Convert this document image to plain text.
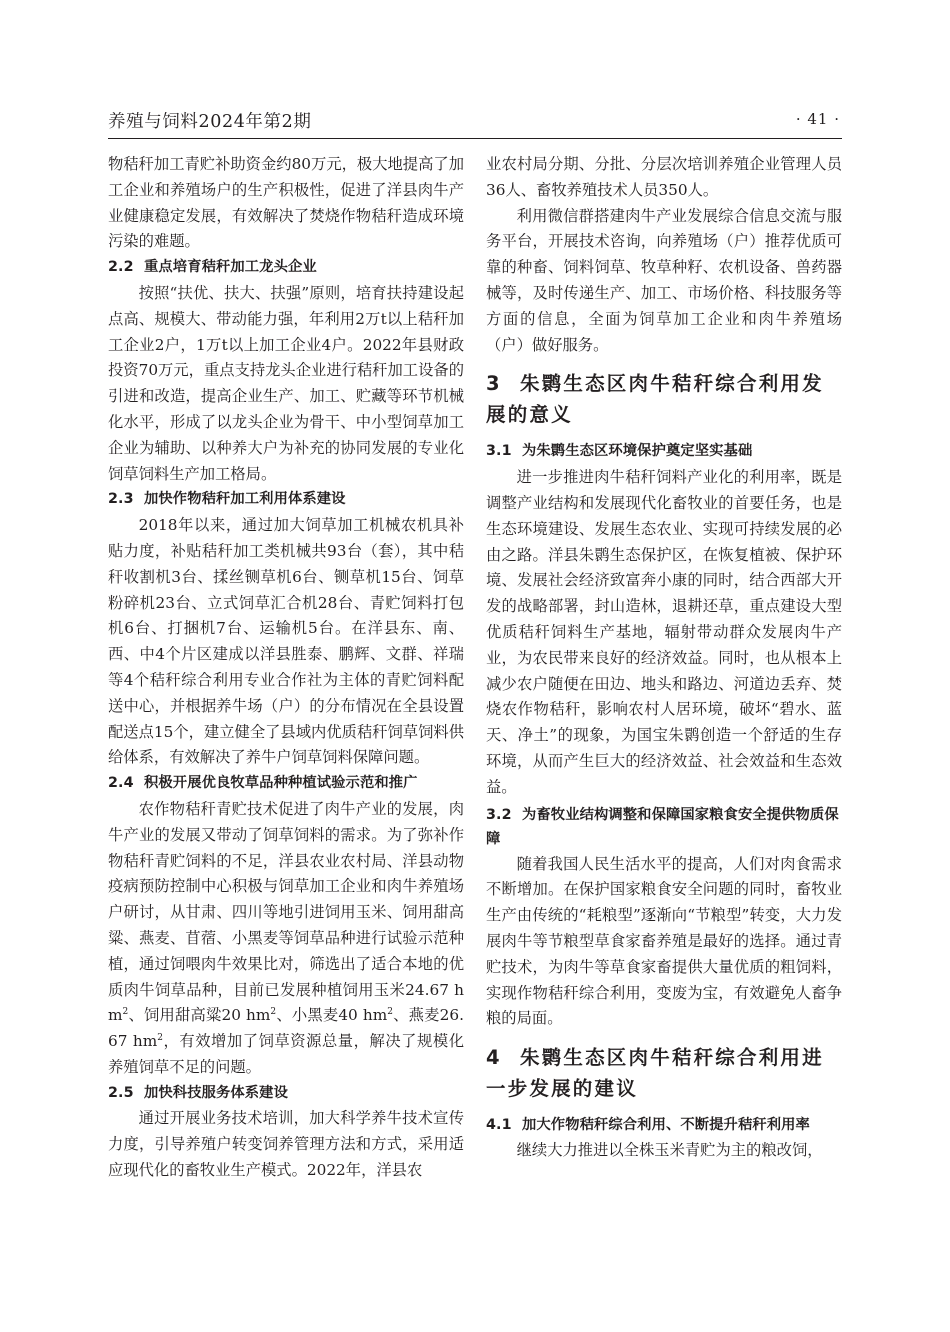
养殖与饲料2024年第2期	· 41 ·

物秸秆加工青贮补助资金约80万元，极大地提高了加工企业和养殖场户的生产积极性，促进了洋县肉牛产业健康稳定发展，有效解决了焚烧作物秸秆造成环境污染的难题。

2.2 重点培育秸秆加工龙头企业

按照“扶优、扶大、扶强”原则，培育扶持建设起点高、规模大、带动能力强，年利用2万t以上秸秆加工企业2户，1万t以上加工企业4户。2022年县财政投资70万元，重点支持龙头企业进行秸秆加工设备的引进和改造，提高企业生产、加工、贮藏等环节机械化水平，形成了以龙头企业为骨干、中小型饲草加工企业为辅助、以种养大户为补充的协同发展的专业化饲草饲料生产加工格局。

2.3 加快作物秸秆加工利用体系建设

2018年以来，通过加大饲草加工机械农机具补贴力度，补贴秸秆加工类机械共93台（套），其中秸秆收割机3台、揉丝铡草机6台、铡草机15台、饲草粉碎机23台、立式饲草汇合机28台、青贮饲料打包机6台、打捆机7台、运输机5台。在洋县东、南、西、中4个片区建成以洋县胜泰、鹏辉、文群、祥瑞等4个秸秆综合利用专业合作社为主体的青贮饲料配送中心，并根据养牛场（户）的分布情况在全县设置配送点15个，建立健全了县域内优质秸秆饲草饲料供给体系，有效解决了养牛户饲草饲料保障问题。

2.4 积极开展优良牧草品种种植试验示范和推广

农作物秸秆青贮技术促进了肉牛产业的发展，肉牛产业的发展又带动了饲草饲料的需求。为了弥补作物秸秆青贮饲料的不足，洋县农业农村局、洋县动物疫病预防控制中心积极与饲草加工企业和肉牛养殖场户研讨，从甘肃、四川等地引进饲用玉米、饲用甜高粱、燕麦、苜蓿、小黑麦等饲草品种进行试验示范种植，通过饲喂肉牛效果比对，筛选出了适合本地的优质肉牛饲草品种，目前已发展种植饲用玉米24.67 $hm^2$、饲用甜高粱20 $hm^2$、小黑麦40 $hm^2$、燕麦26.67 $hm^2$，有效增加了饲草资源总量，解决了规模化养殖饲草不足的问题。

2.5 加快科技服务体系建设

通过开展业务技术培训，加大科学养牛技术宣传力度，引导养殖户转变饲养管理方法和方式，采用适应现代化的畜牧业生产模式。2022年，洋县农

业农村局分期、分批、分层次培训养殖企业管理人员36人、畜牧养殖技术人员350人。

利用微信群搭建肉牛产业发展综合信息交流与服务平台，开展技术咨询，向养殖场（户）推荐优质可靠的种畜、饲料饲草、牧草种籽、农机设备、兽药器械等，及时传递生产、加工、市场价格、科技服务等方面的信息，全面为饲草加工企业和肉牛养殖场（户）做好服务。

3 朱鹮生态区肉牛秸秆综合利用发展的意义
3.1 为朱鹮生态区环境保护奠定坚实基础

进一步推进肉牛秸秆饲料产业化的利用率，既是调整产业结构和发展现代化畜牧业的首要任务，也是生态环境建设、发展生态农业、实现可持续发展的必由之路。洋县朱鹮生态保护区，在恢复植被、保护环境、发展社会经济致富奔小康的同时，结合西部大开发的战略部署，封山造林，退耕还草，重点建设大型优质秸秆饲料生产基地，辐射带动群众发展肉牛产业，为农民带来良好的经济效益。同时，也从根本上减少农户随便在田边、地头和路边、河道边丢弃、焚烧农作物秸秆，影响农村人居环境，破坏“碧水、蓝天、净土”的现象，为国宝朱鹮创造一个舒适的生存环境，从而产生巨大的经济效益、社会效益和生态效益。

3.2 为畜牧业结构调整和保障国家粮食安全提供物质保障

随着我国人民生活水平的提高，人们对肉食需求不断增加。在保护国家粮食安全问题的同时，畜牧业生产由传统的“耗粮型”逐渐向“节粮型”转变，大力发展肉牛等节粮型草食家畜养殖是最好的选择。通过青贮技术，为肉牛等草食家畜提供大量优质的粗饲料，实现作物秸秆综合利用，变废为宝，有效避免人畜争粮的局面。

4 朱鹮生态区肉牛秸秆综合利用进一步发展的建议
4.1 加大作物秸秆综合利用、不断提升秸秆利用率

继续大力推进以全株玉米青贮为主的粮改饲，
